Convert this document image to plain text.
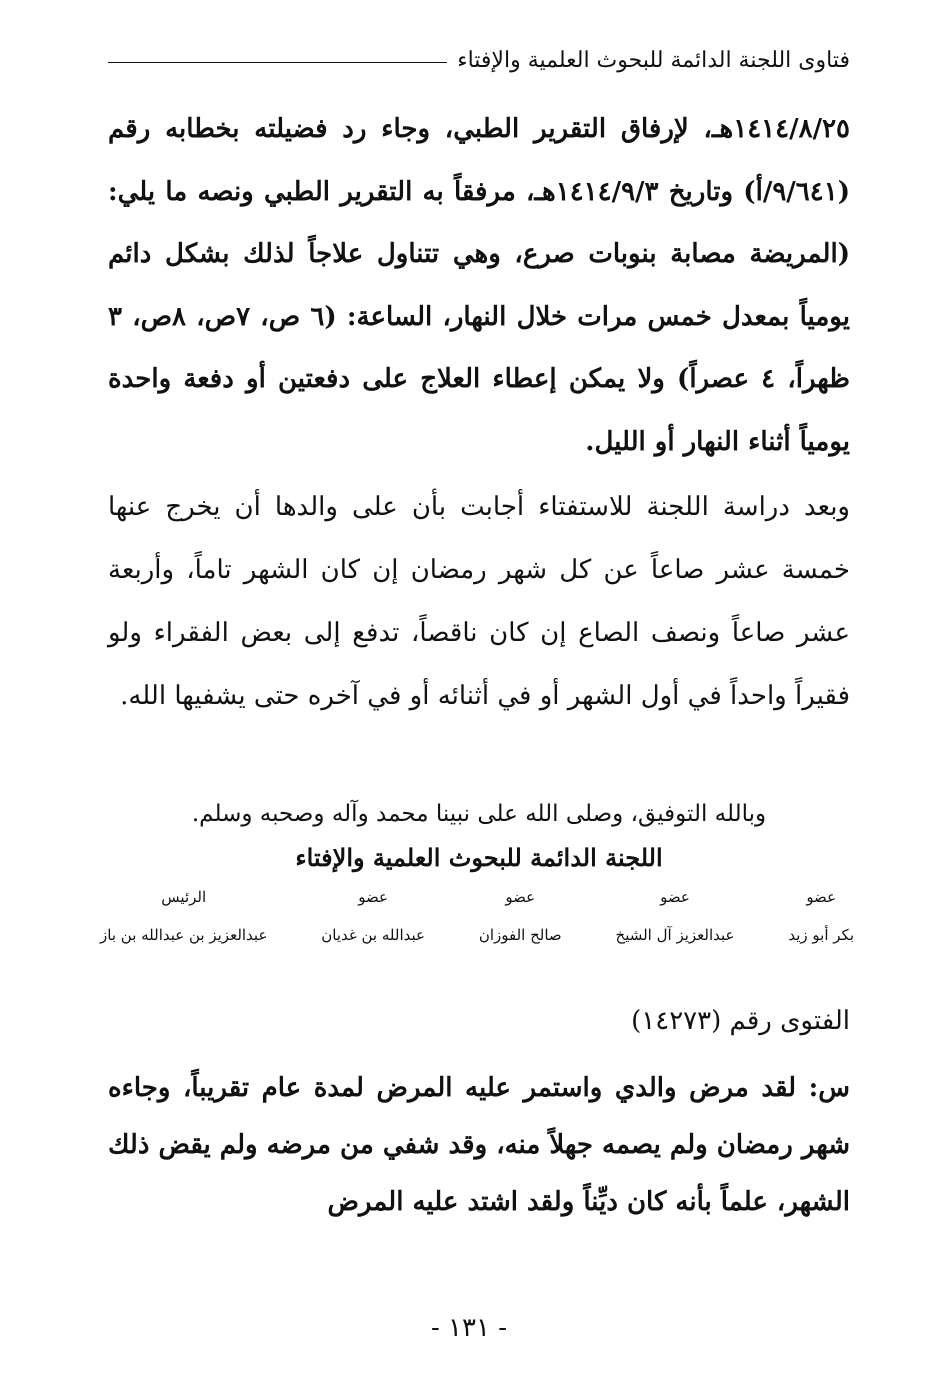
فتاوى اللجنة الدائمة للبحوث العلمية والإفتاء
١٤١٤/٨/٢٥هـ، لإرفاق التقرير الطبي، وجاء رد فضيلته بخطابه رقم (٩/٦٤١/أ) وتاريخ ١٤١٤/٩/٣هـ، مرفقاً به التقرير الطبي ونصه ما يلي: (المريضة مصابة بنوبات صرع، وهي تتناول علاجاً لذلك بشكل دائم يومياً بمعدل خمس مرات خلال النهار، الساعة: (٦ ص، ٧ص، ٨ص، ٣ ظهراً، ٤ عصراً) ولا يمكن إعطاء العلاج على دفعتين أو دفعة واحدة يومياً أثناء النهار أو الليل.
وبعد دراسة اللجنة للاستفتاء أجابت بأن على والدها أن يخرج عنها خمسة عشر صاعاً عن كل شهر رمضان إن كان الشهر تاماً، وأربعة عشر صاعاً ونصف الصاع إن كان ناقصاً، تدفع إلى بعض الفقراء ولو فقيراً واحداً في أول الشهر أو في أثنائه أو في آخره حتى يشفيها الله.
وبالله التوفيق، وصلى الله على نبينا محمد وآله وصحبه وسلم.
اللجنة الدائمة للبحوث العلمية والإفتاء
عضو
بكر أبو زيد
عضو
عبدالعزيز آل الشيخ
عضو
صالح الفوزان
عضو
عبدالله بن غديان
الرئيس
عبدالعزيز بن عبدالله بن باز
الفتوى رقم (١٤٢٧٣)
س: لقد مرض والدي واستمر عليه المرض لمدة عام تقريباً، وجاءه شهر رمضان ولم يصمه جهلاً منه، وقد شفي من مرضه ولم يقض ذلك الشهر، علماً بأنه كان ديِّناً ولقد اشتد عليه المرض
- ١٣١ -
